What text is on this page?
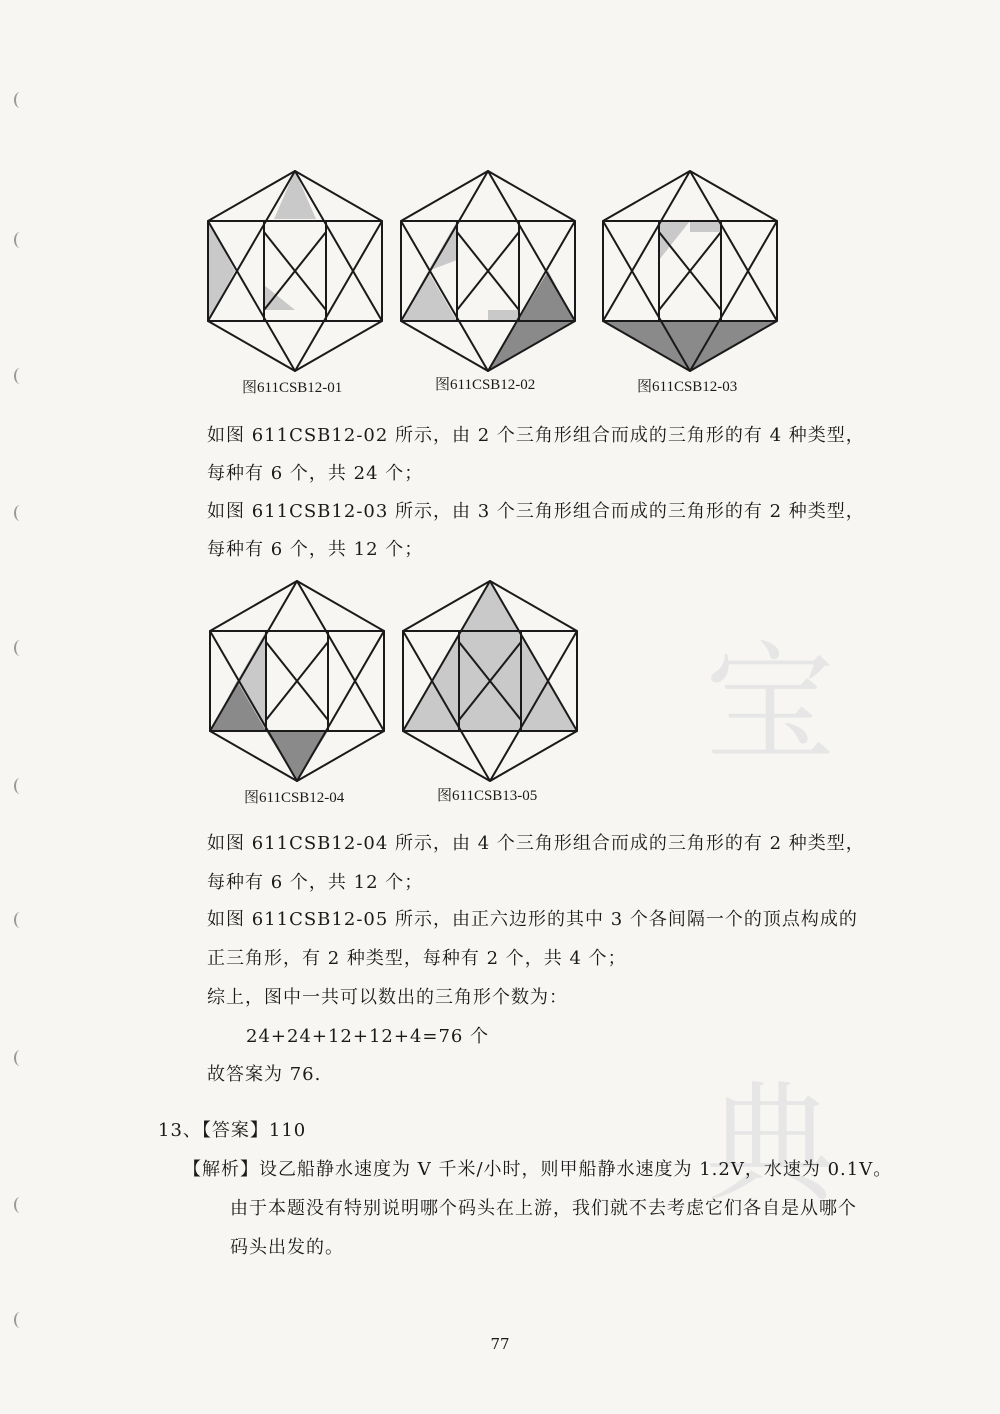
宝
典
图611CSB12-01	图611CSB12-02	图611CSB12-03
如图 611CSB12-02 所示，由 2 个三角形组合而成的三角形的有 4 种类型，
每种有 6 个，共 24 个；
如图 611CSB12-03 所示，由 3 个三角形组合而成的三角形的有 2 种类型，
每种有 6 个，共 12 个；
图611CSB12-04	图611CSB13-05
如图 611CSB12-04 所示，由 4 个三角形组合而成的三角形的有 2 种类型，
每种有 6 个，共 12 个；
如图 611CSB12-05 所示，由正六边形的其中 3 个各间隔一个的顶点构成的
正三角形，有 2 种类型，每种有 2 个，共 4 个；
综上，图中一共可以数出的三角形个数为：
24+24+12+12+4=76 个
故答案为 76.
13、【答案】110
【解析】设乙船静水速度为 V 千米/小时，则甲船静水速度为 1.2V，水速为 0.1V。
由于本题没有特别说明哪个码头在上游，我们就不去考虑它们各自是从哪个
码头出发的。
77
